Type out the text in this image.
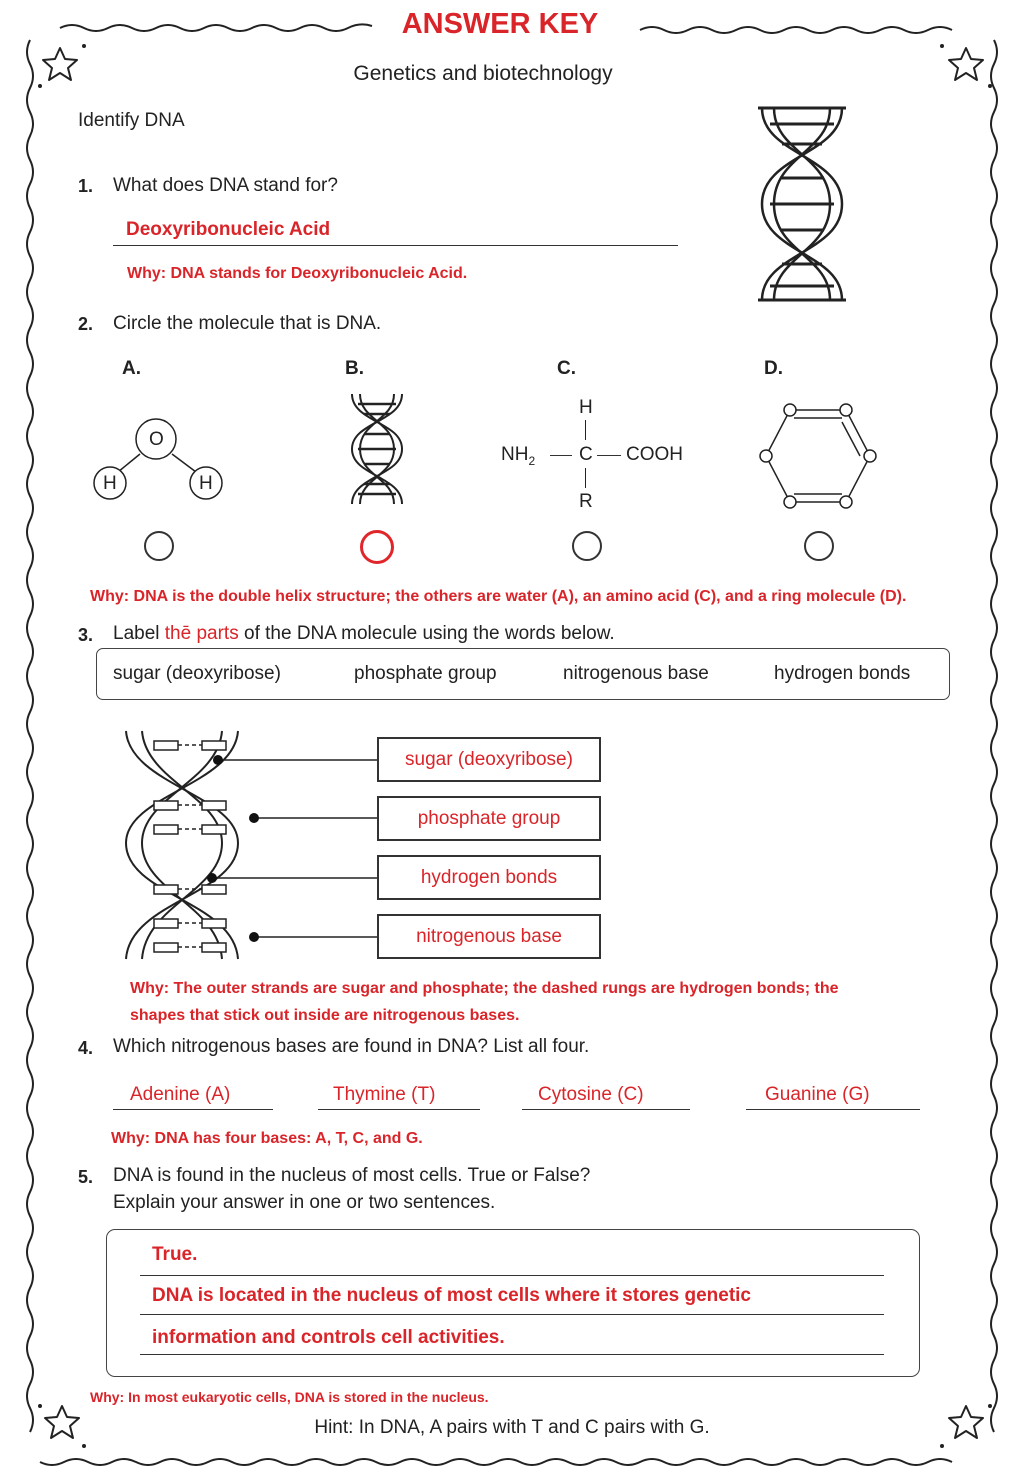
ANSWER KEY
Genetics and biotechnology
Identify DNA
1. What does DNA stand for?
Deoxyribonucleic Acid
Why: DNA stands for Deoxyribonucleic Acid.
2. Circle the molecule that is DNA.
A.	B.	C.	D.
O
H	H
H
$NH_2$ C COOH
R
Why: DNA is the double helix structure; the others are water (A), an amino acid (C), and a ring molecule (D).
3. Label thē parts of the DNA molecule using the words below.
sugar (deoxyribose)	phosphate group	nitrogenous base	hydrogen bonds
sugar (deoxyribose)
phosphate group
hydrogen bonds
nitrogenous base
Why: The outer strands are sugar and phosphate; the dashed rungs are hydrogen bonds; the
shapes that stick out inside are nitrogenous bases.
4. Which nitrogenous bases are found in DNA? List all four.
Adenine (A)	Thymine (T)	Cytosine (C)	Guanine (G)
Why: DNA has four bases: A, T, C, and G.
5. DNA is found in the nucleus of most cells. True or False?
Explain your answer in one or two sentences.
True.
DNA is located in the nucleus of most cells where it stores genetic
information and controls cell activities.
Why: In most eukaryotic cells, DNA is stored in the nucleus.
Hint: In DNA, A pairs with T and C pairs with G.
